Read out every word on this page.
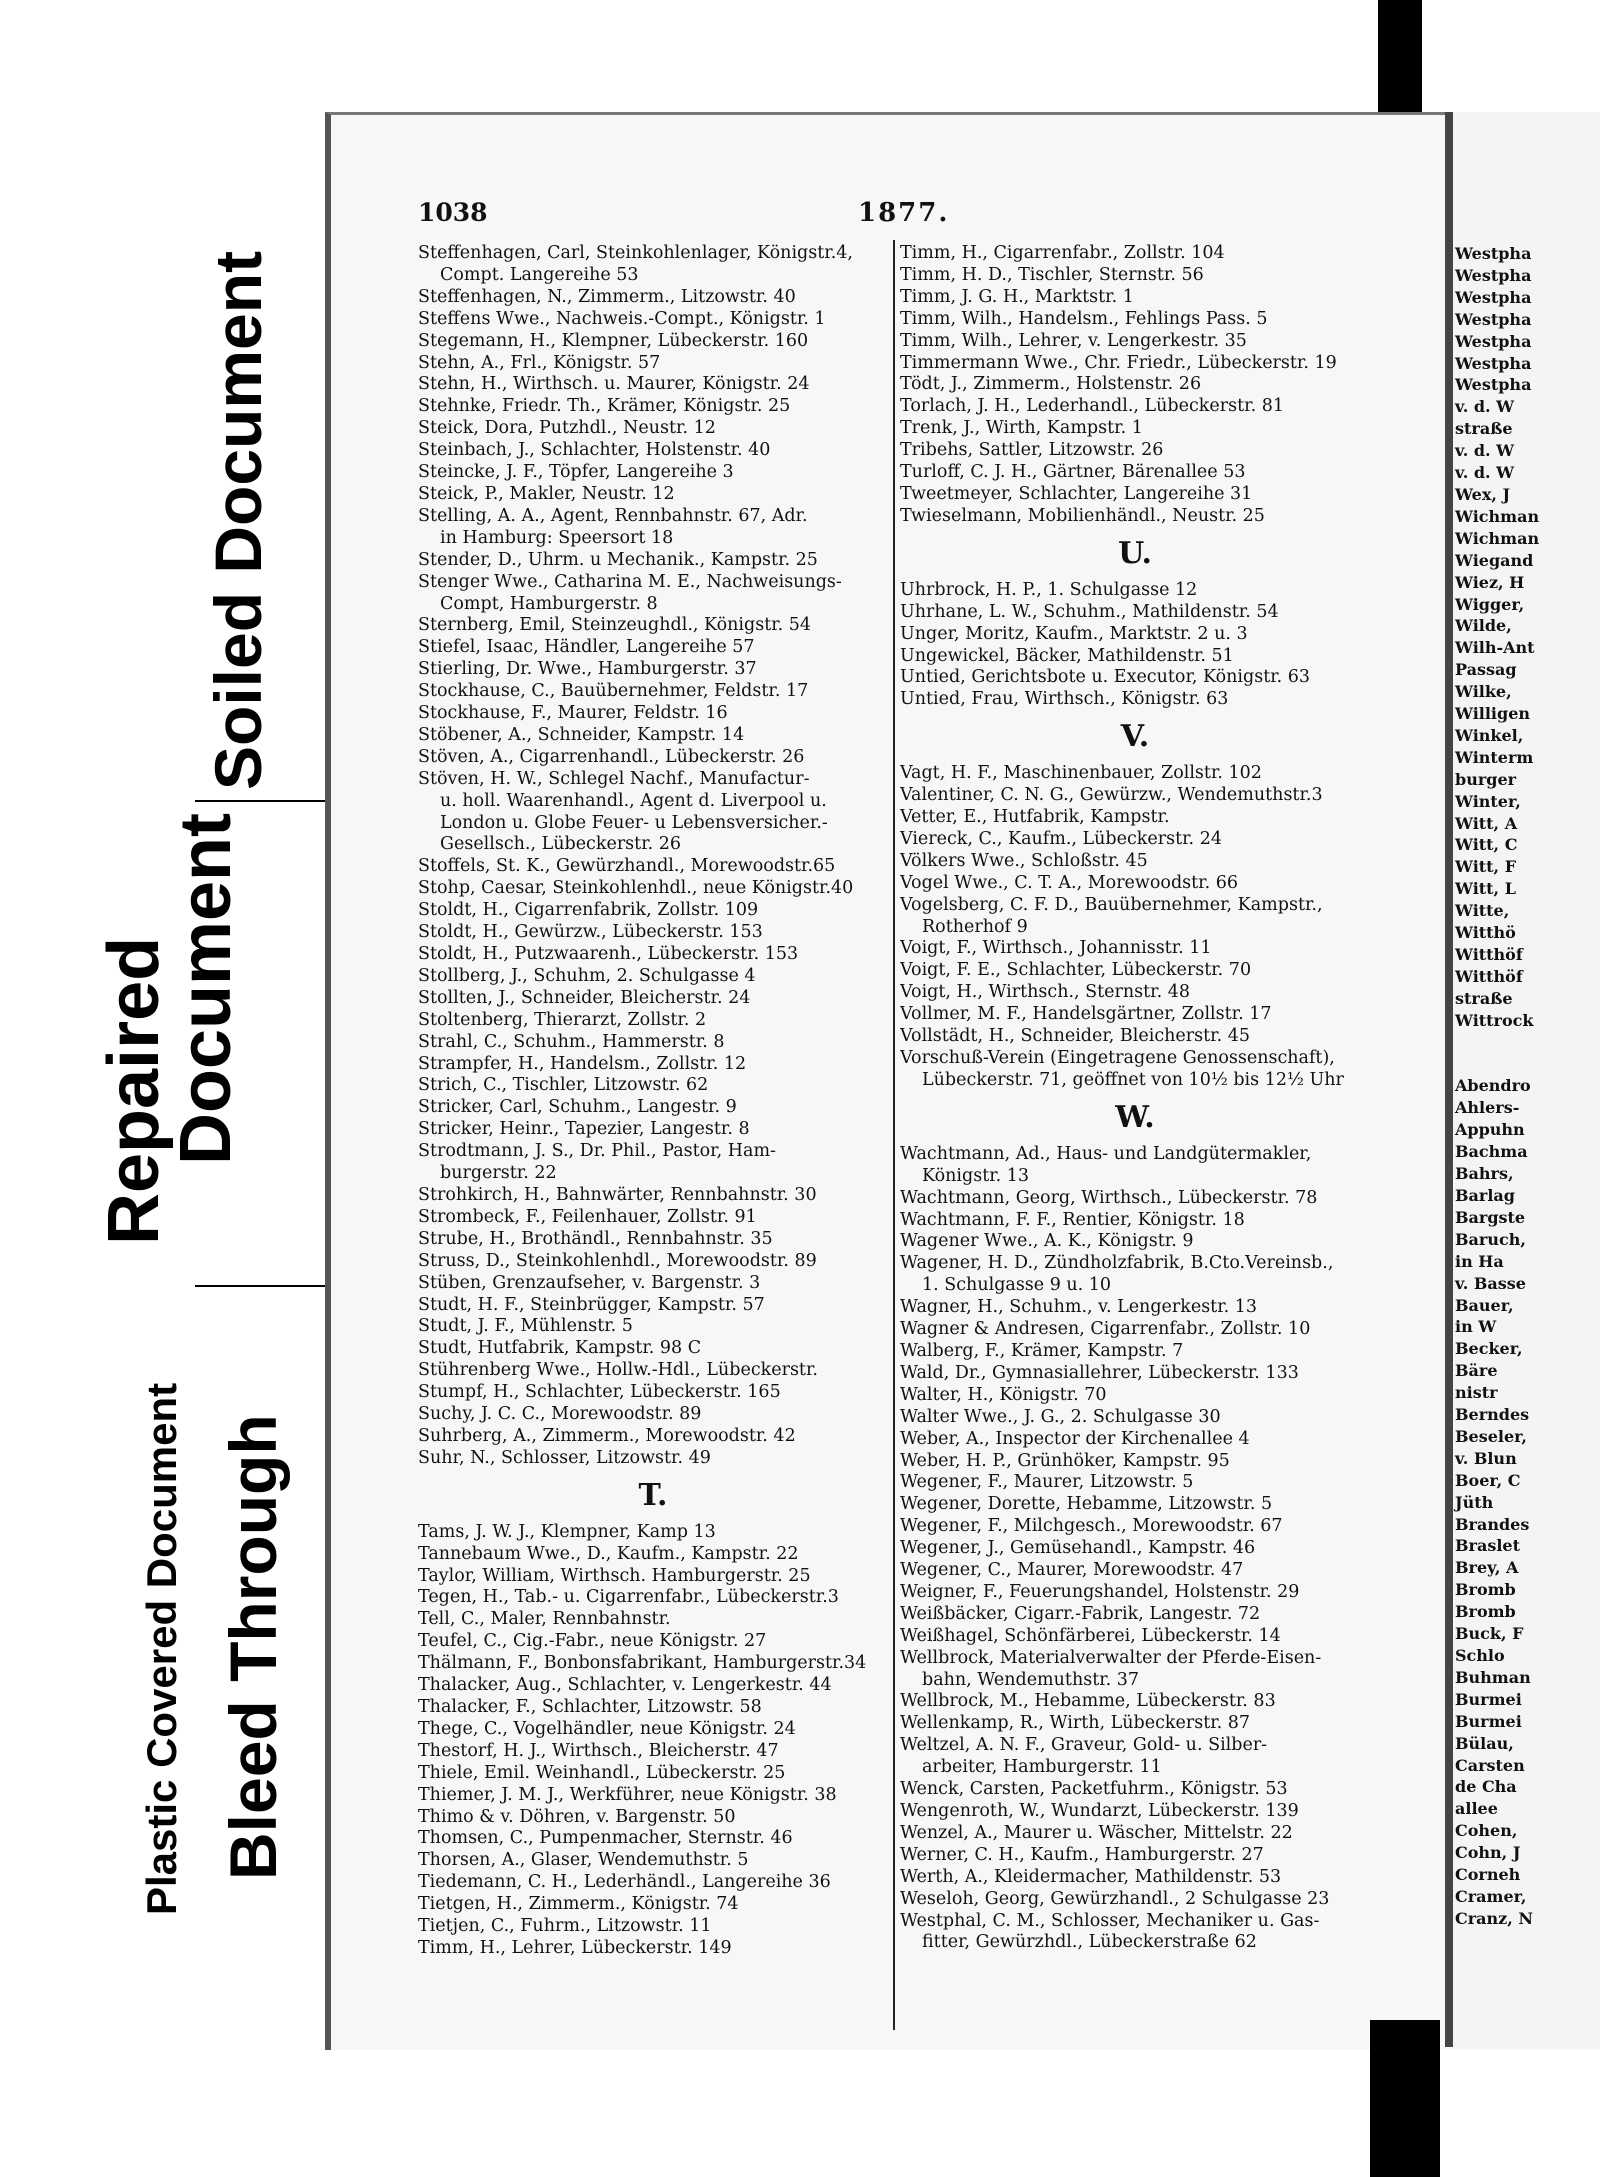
Plastic Covered Document Bleed Through
Repaired
Document
Soiled Document	Westpha
Westpha
Westpha
Westpha
Westpha
Westpha
Westpha
v. d. W
straße
v. d. W
v. d. W
Wex, J
Wichman
Wichman
Wiegand
Wiez, H
Wigger,
Wilde,
Wilh-Ant
Passag
Wilke,
Willigen
Winkel,
Winterm
burger
Winter,
Witt, A
Witt, C
Witt, F
Witt, L
Witte,
Witthö
Witthöf
Witthöf
straße
Wittrock

Abendro
Ahlers-
Appuhn
Bachma
Bahrs,
Barlag
Bargste
Baruch,
in Ha
v. Basse
Bauer,
in W
Becker,
Bäre
nistr
Berndes
Beseler,
v. Blun
Boer, C
Jüth
Brandes
Braslet
Brey, A
Bromb
Bromb
Buck, F
Schlo
Buhman
Burmei
Burmei
Bülau,
Carsten
de Cha
allee
Cohen,
Cohn, J
Corneh
Cramer,
Cranz, N
1038	1877.
Steffenhagen, Carl, Steinkohlenlager, Königstr.4,
Compt. Langereihe 53
Steffenhagen, N., Zimmerm., Litzowstr. 40
Steffens Wwe., Nachweis.-Compt., Königstr. 1
Stegemann, H., Klempner, Lübeckerstr. 160
Stehn, A., Frl., Königstr. 57
Stehn, H., Wirthsch. u. Maurer, Königstr. 24
Stehnke, Friedr. Th., Krämer, Königstr. 25
Steick, Dora, Putzhdl., Neustr. 12
Steinbach, J., Schlachter, Holstenstr. 40
Steincke, J. F., Töpfer, Langereihe 3
Steick, P., Makler, Neustr. 12
Stelling, A. A., Agent, Rennbahnstr. 67, Adr.
in Hamburg: Speersort 18
Stender, D., Uhrm. u Mechanik., Kampstr. 25
Stenger Wwe., Catharina M. E., Nachweisungs-
Compt, Hamburgerstr. 8
Sternberg, Emil, Steinzeughdl., Königstr. 54
Stiefel, Isaac, Händler, Langereihe 57
Stierling, Dr. Wwe., Hamburgerstr. 37
Stockhause, C., Bauübernehmer, Feldstr. 17
Stockhause, F., Maurer, Feldstr. 16
Stöbener, A., Schneider, Kampstr. 14
Stöven, A., Cigarrenhandl., Lübeckerstr. 26
Stöven, H. W., Schlegel Nachf., Manufactur-
u. holl. Waarenhandl., Agent d. Liverpool u.
London u. Globe Feuer- u Lebensversicher.-
Gesellsch., Lübeckerstr. 26
Stoffels, St. K., Gewürzhandl., Morewoodstr.65
Stohp, Caesar, Steinkohlenhdl., neue Königstr.40
Stoldt, H., Cigarrenfabrik, Zollstr. 109
Stoldt, H., Gewürzw., Lübeckerstr. 153
Stoldt, H., Putzwaarenh., Lübeckerstr. 153
Stollberg, J., Schuhm, 2. Schulgasse 4
Stollten, J., Schneider, Bleicherstr. 24
Stoltenberg, Thierarzt, Zollstr. 2
Strahl, C., Schuhm., Hammerstr. 8
Strampfer, H., Handelsm., Zollstr. 12
Strich, C., Tischler, Litzowstr. 62
Stricker, Carl, Schuhm., Langestr. 9
Stricker, Heinr., Tapezier, Langestr. 8
Strodtmann, J. S., Dr. Phil., Pastor, Ham-
burgerstr. 22
Strohkirch, H., Bahnwärter, Rennbahnstr. 30
Strombeck, F., Feilenhauer, Zollstr. 91
Strube, H., Brothändl., Rennbahnstr. 35
Struss, D., Steinkohlenhdl., Morewoodstr. 89
Stüben, Grenzaufseher, v. Bargenstr. 3
Studt, H. F., Steinbrügger, Kampstr. 57
Studt, J. F., Mühlenstr. 5
Studt, Hutfabrik, Kampstr. 98 C
Stührenberg Wwe., Hollw.-Hdl., Lübeckerstr.
Stumpf, H., Schlachter, Lübeckerstr. 165
Suchy, J. C. C., Morewoodstr. 89
Suhrberg, A., Zimmerm., Morewoodstr. 42
Suhr, N., Schlosser, Litzowstr. 49
T.
Tams, J. W. J., Klempner, Kamp 13
Tannebaum Wwe., D., Kaufm., Kampstr. 22
Taylor, William, Wirthsch. Hamburgerstr. 25
Tegen, H., Tab.- u. Cigarrenfabr., Lübeckerstr.3
Tell, C., Maler, Rennbahnstr.
Teufel, C., Cig.-Fabr., neue Königstr. 27
Thälmann, F., Bonbonsfabrikant, Hamburgerstr.34
Thalacker, Aug., Schlachter, v. Lengerkestr. 44
Thalacker, F., Schlachter, Litzowstr. 58
Thege, C., Vogelhändler, neue Königstr. 24
Thestorf, H. J., Wirthsch., Bleicherstr. 47
Thiele, Emil. Weinhandl., Lübeckerstr. 25
Thiemer, J. M. J., Werkführer, neue Königstr. 38
Thimo & v. Döhren, v. Bargenstr. 50
Thomsen, C., Pumpenmacher, Sternstr. 46
Thorsen, A., Glaser, Wendemuthstr. 5
Tiedemann, C. H., Lederhändl., Langereihe 36
Tietgen, H., Zimmerm., Königstr. 74
Tietjen, C., Fuhrm., Litzowstr. 11
Timm, H., Lehrer, Lübeckerstr. 149
Timm, H., Cigarrenfabr., Zollstr. 104
Timm, H. D., Tischler, Sternstr. 56
Timm, J. G. H., Marktstr. 1
Timm, Wilh., Handelsm., Fehlings Pass. 5
Timm, Wilh., Lehrer, v. Lengerkestr. 35
Timmermann Wwe., Chr. Friedr., Lübeckerstr. 19
Tödt, J., Zimmerm., Holstenstr. 26
Torlach, J. H., Lederhandl., Lübeckerstr. 81
Trenk, J., Wirth, Kampstr. 1
Tribehs, Sattler, Litzowstr. 26
Turloff, C. J. H., Gärtner, Bärenallee 53
Tweetmeyer, Schlachter, Langereihe 31
Twieselmann, Mobilienhändl., Neustr. 25
U.
Uhrbrock, H. P., 1. Schulgasse 12
Uhrhane, L. W., Schuhm., Mathildenstr. 54
Unger, Moritz, Kaufm., Marktstr. 2 u. 3
Ungewickel, Bäcker, Mathildenstr. 51
Untied, Gerichtsbote u. Executor, Königstr. 63
Untied, Frau, Wirthsch., Königstr. 63
V.
Vagt, H. F., Maschinenbauer, Zollstr. 102
Valentiner, C. N. G., Gewürzw., Wendemuthstr.3
Vetter, E., Hutfabrik, Kampstr.
Viereck, C., Kaufm., Lübeckerstr. 24
Völkers Wwe., Schloßstr. 45
Vogel Wwe., C. T. A., Morewoodstr. 66
Vogelsberg, C. F. D., Bauübernehmer, Kampstr.,
Rotherhof 9
Voigt, F., Wirthsch., Johannisstr. 11
Voigt, F. E., Schlachter, Lübeckerstr. 70
Voigt, H., Wirthsch., Sternstr. 48
Vollmer, M. F., Handelsgärtner, Zollstr. 17
Vollstädt, H., Schneider, Bleicherstr. 45
Vorschuß-Verein (Eingetragene Genossenschaft),
Lübeckerstr. 71, geöffnet von 10½ bis 12½ Uhr
W.
Wachtmann, Ad., Haus- und Landgütermakler,
Königstr. 13
Wachtmann, Georg, Wirthsch., Lübeckerstr. 78
Wachtmann, F. F., Rentier, Königstr. 18
Wagener Wwe., A. K., Königstr. 9
Wagener, H. D., Zündholzfabrik, B.Cto.Vereinsb.,
1. Schulgasse 9 u. 10
Wagner, H., Schuhm., v. Lengerkestr. 13
Wagner & Andresen, Cigarrenfabr., Zollstr. 10
Walberg, F., Krämer, Kampstr. 7
Wald, Dr., Gymnasiallehrer, Lübeckerstr. 133
Walter, H., Königstr. 70
Walter Wwe., J. G., 2. Schulgasse 30
Weber, A., Inspector der Kirchenallee 4
Weber, H. P., Grünhöker, Kampstr. 95
Wegener, F., Maurer, Litzowstr. 5
Wegener, Dorette, Hebamme, Litzowstr. 5
Wegener, F., Milchgesch., Morewoodstr. 67
Wegener, J., Gemüsehandl., Kampstr. 46
Wegener, C., Maurer, Morewoodstr. 47
Weigner, F., Feuerungshandel, Holstenstr. 29
Weißbäcker, Cigarr.-Fabrik, Langestr. 72
Weißhagel, Schönfärberei, Lübeckerstr. 14
Wellbrock, Materialverwalter der Pferde-Eisen-
bahn, Wendemuthstr. 37
Wellbrock, M., Hebamme, Lübeckerstr. 83
Wellenkamp, R., Wirth, Lübeckerstr. 87
Weltzel, A. N. F., Graveur, Gold- u. Silber-
arbeiter, Hamburgerstr. 11
Wenck, Carsten, Packetfuhrm., Königstr. 53
Wengenroth, W., Wundarzt, Lübeckerstr. 139
Wenzel, A., Maurer u. Wäscher, Mittelstr. 22
Werner, C. H., Kaufm., Hamburgerstr. 27
Werth, A., Kleidermacher, Mathildenstr. 53
Weseloh, Georg, Gewürzhandl., 2 Schulgasse 23
Westphal, C. M., Schlosser, Mechaniker u. Gas-
fitter, Gewürzhdl., Lübeckerstraße 62
